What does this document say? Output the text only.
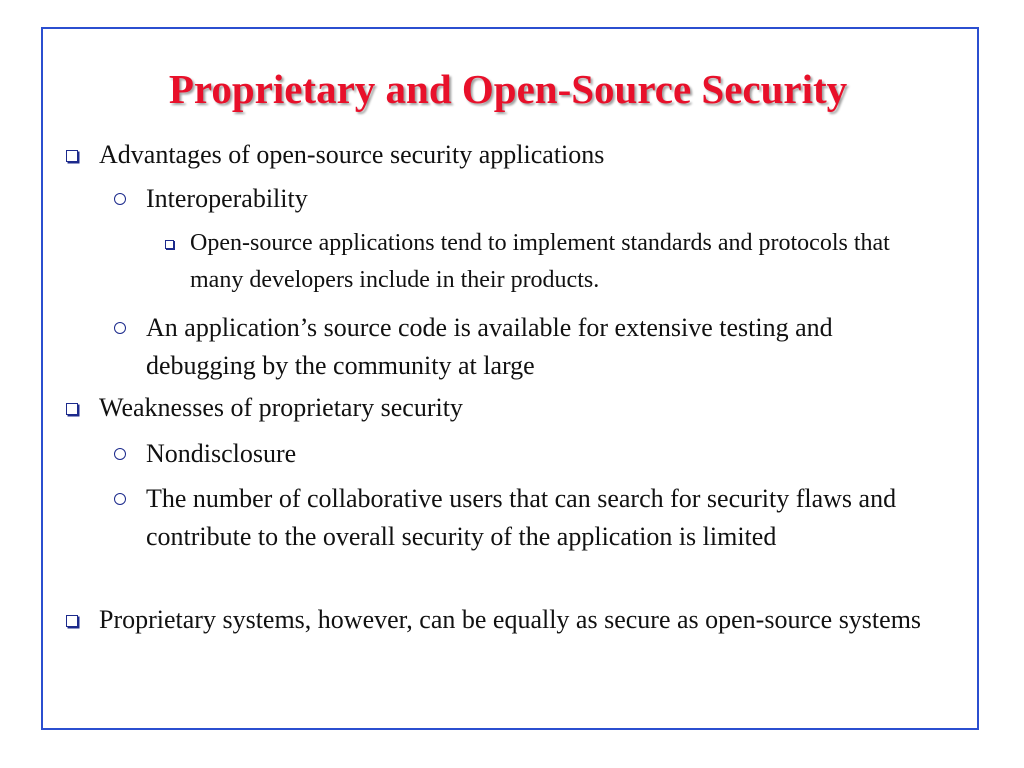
Proprietary and Open-Source Security

Advantages of open-source security applications

Interoperability

Open-source applications tend to implement standards and protocols that many developers include in their products.

An application’s source code is available for extensive testing and debugging by the community at large

Weaknesses of proprietary security

Nondisclosure

The number of collaborative users that can search for security flaws and contribute to the overall security of the application is limited

Proprietary systems, however, can be equally as secure as open-source systems
